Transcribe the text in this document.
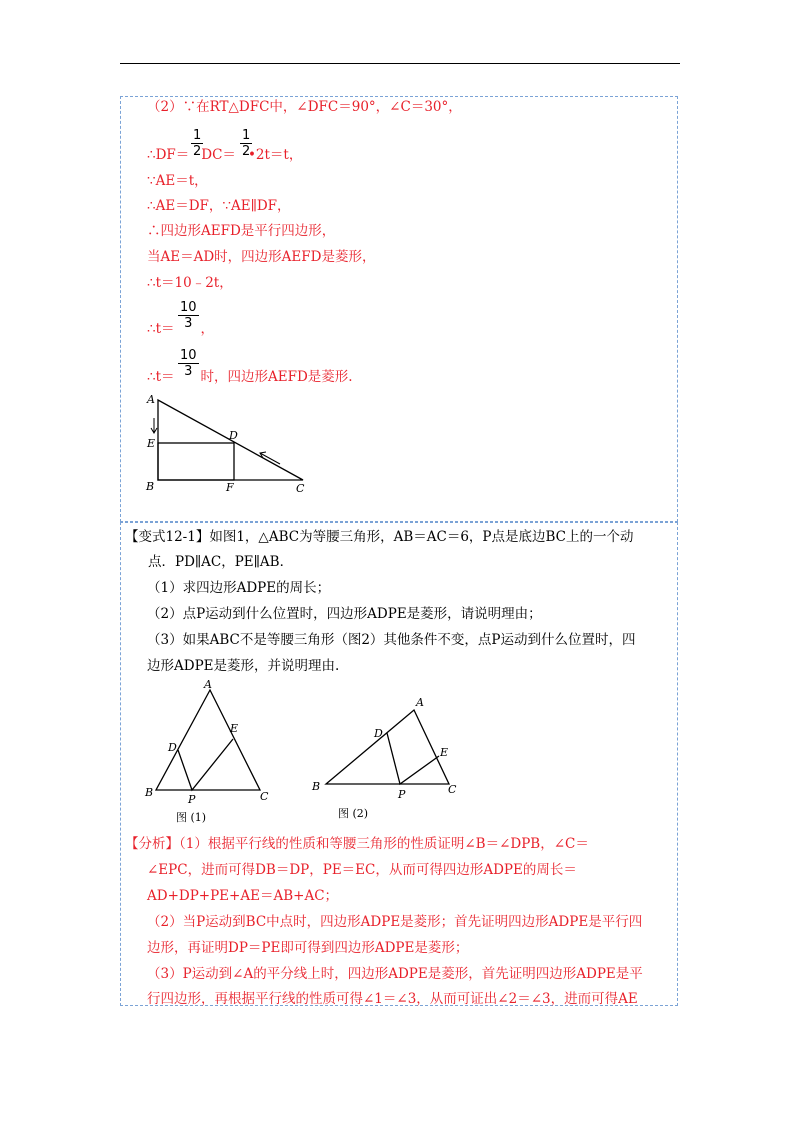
（2）∵在RT△DFC中，∠DFC＝90°，∠C＝30°，
$\frac{1}{2}$	$\frac{1}{2}$
∴DF＝ DC＝ •2t＝t，
∵AE＝t，
∴AE＝DF，∵AE∥DF，
∴四边形AEFD是平行四边形，
当AE＝AD时，四边形AEFD是菱形，
∴t＝10﹣2t，
$\frac{10}{3}$
∴t＝ ，
$\frac{10}{3}$
∴t＝ 时，四边形AEFD是菱形.
A
E
D
B	F	C
【变式12-1】如图1，△ABC为等腰三角形，AB＝AC＝6，P点是底边BC上的一个动
点．PD∥AC，PE∥AB．
（1）求四边形ADPE的周长；
（2）点P运动到什么位置时，四边形ADPE是菱形，请说明理由；
（3）如果ABC不是等腰三角形（图2）其他条件不变，点P运动到什么位置时，四
边形ADPE是菱形，并说明理由.
A
D
E
B
P	C
图 (1)
A
D
E
B
P	C
图 (2)
【分析】（1）根据平行线的性质和等腰三角形的性质证明∠B＝∠DPB，∠C＝
∠EPC，进而可得DB＝DP，PE＝EC，从而可得四边形ADPE的周长＝
AD+DP+PE+AE＝AB+AC；
（2）当P运动到BC中点时，四边形ADPE是菱形；首先证明四边形ADPE是平行四
边形，再证明DP＝PE即可得到四边形ADPE是菱形；
（3）P运动到∠A的平分线上时，四边形ADPE是菱形，首先证明四边形ADPE是平
行四边形，再根据平行线的性质可得∠1＝∠3，从而可证出∠2＝∠3，进而可得AE
